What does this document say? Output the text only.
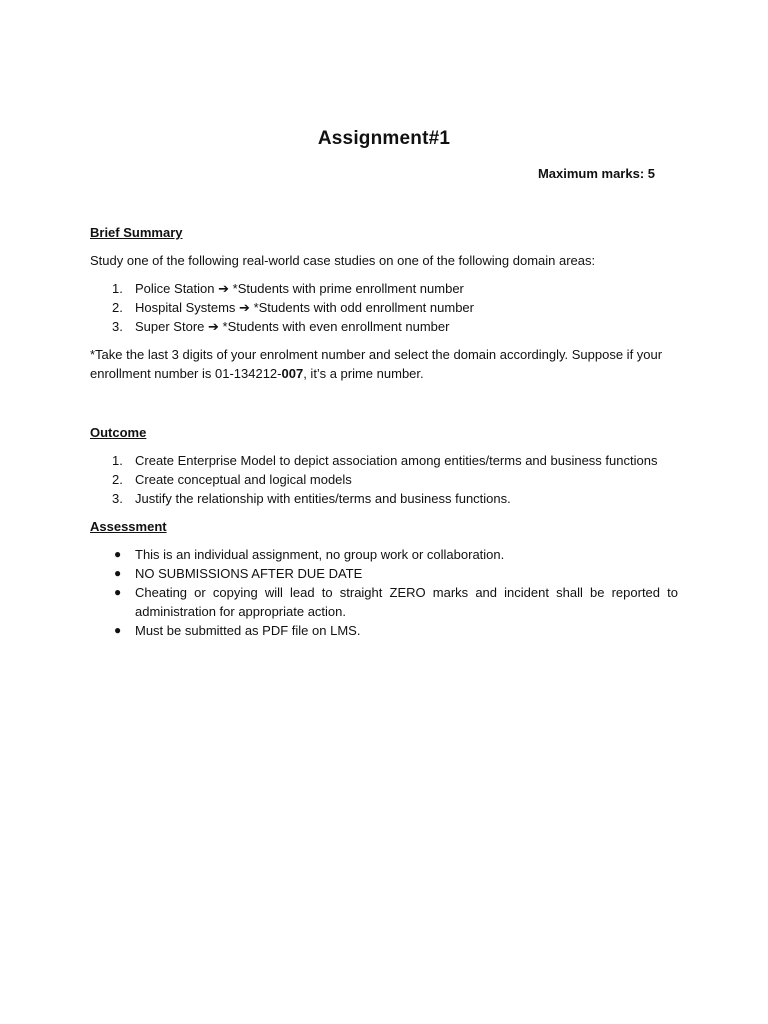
Assignment#1
Maximum marks: 5
Brief Summary
Study one of the following real-world case studies on one of the following domain areas:
1. Police Station ➔ *Students with prime enrollment number
2. Hospital Systems ➔ *Students with odd enrollment number
3. Super Store ➔ *Students with even enrollment number
*Take the last 3 digits of your enrolment number and select the domain accordingly. Suppose if your enrollment number is 01-134212-007, it’s a prime number.
Outcome
1. Create Enterprise Model to depict association among entities/terms and business functions
2. Create conceptual and logical models
3. Justify the relationship with entities/terms and business functions.
Assessment
● This is an individual assignment, no group work or collaboration.
● NO SUBMISSIONS AFTER DUE DATE
● Cheating or copying will lead to straight ZERO marks and incident shall be reported to administration for appropriate action.
● Must be submitted as PDF file on LMS.
